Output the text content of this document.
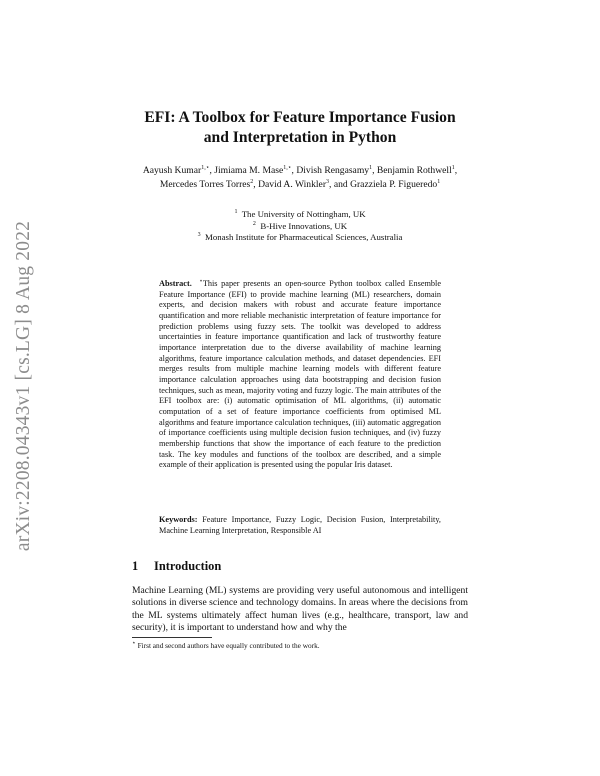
arXiv:2208.04343v1 [cs.LG] 8 Aug 2022
EFI: A Toolbox for Feature Importance Fusion
and Interpretation in Python
Aayush Kumar$^{1,⋆}$, Jimiama M. Mase$^{1,⋆}$, Divish Rengasamy$^1$, Benjamin Rothwell$^1$, Mercedes Torres Torres$^2$, David A. Winkler$^3$, and Grazziela P. Figueredo$^1$
$^1$ The University of Nottingham, UK
$^2$ B-Hive Innovations, UK
$^3$ Monash Institute for Pharmaceutical Sciences, Australia
Abstract. ⋆This paper presents an open-source Python toolbox called Ensemble Feature Importance (EFI) to provide machine learning (ML) researchers, domain experts, and decision makers with robust and accurate feature importance quantification and more reliable mechanistic interpretation of feature importance for prediction problems using fuzzy sets. The toolkit was developed to address uncertainties in feature importance quantification and lack of trustworthy feature importance interpretation due to the diverse availability of machine learning algorithms, feature importance calculation methods, and dataset dependencies. EFI merges results from multiple machine learning models with different feature importance calculation approaches using data bootstrapping and decision fusion techniques, such as mean, majority voting and fuzzy logic. The main attributes of the EFI toolbox are: (i) automatic optimisation of ML algorithms, (ii) automatic computation of a set of feature importance coefficients from optimised ML algorithms and feature importance calculation techniques, (iii) automatic aggregation of importance coefficients using multiple decision fusion techniques, and (iv) fuzzy membership functions that show the importance of each feature to the prediction task. The key modules and functions of the toolbox are described, and a simple example of their application is presented using the popular Iris dataset.
Keywords: Feature Importance, Fuzzy Logic, Decision Fusion, Interpretability, Machine Learning Interpretation, Responsible AI
1 Introduction
Machine Learning (ML) systems are providing very useful autonomous and intelligent solutions in diverse science and technology domains. In areas where the decisions from the ML systems ultimately affect human lives (e.g., healthcare, transport, law and security), it is important to understand how and why the
⋆ First and second authors have equally contributed to the work.
